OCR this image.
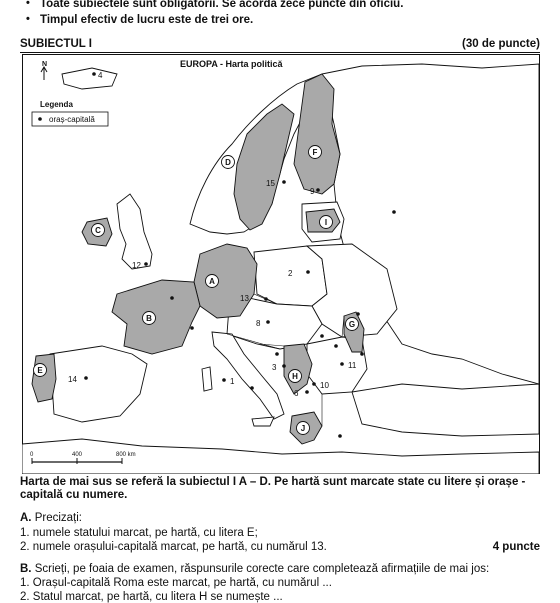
• Toate subiectele sunt obligatorii. Se acordă zece puncte din oficiu.
• Timpul efectiv de lucru este de trei ore.
SUBIECTUL I	(30 de puncte)
A
B
C
D
E
F
G
H
I
J
1
2
3
4
6
8
9
10
11
12
13
14
15
EUROPA - Harta politică
N
Legenda
oraș-capitală
0	400	800 km
Harta de mai sus se referă la subiectul I A – D. Pe hartă sunt marcate state cu litere și orașe -
capitală cu numere.
A. Precizați:
1. numele statului marcat, pe hartă, cu litera E;
2. numele orașului-capitală marcat, pe hartă, cu numărul 13.	4 puncte
B. Scrieți, pe foaia de examen, răspunsurile corecte care completează afirmațiile de mai jos:
1. Orașul-capitală Roma este marcat, pe hartă, cu numărul ...
2. Statul marcat, pe hartă, cu litera H se numește ...
